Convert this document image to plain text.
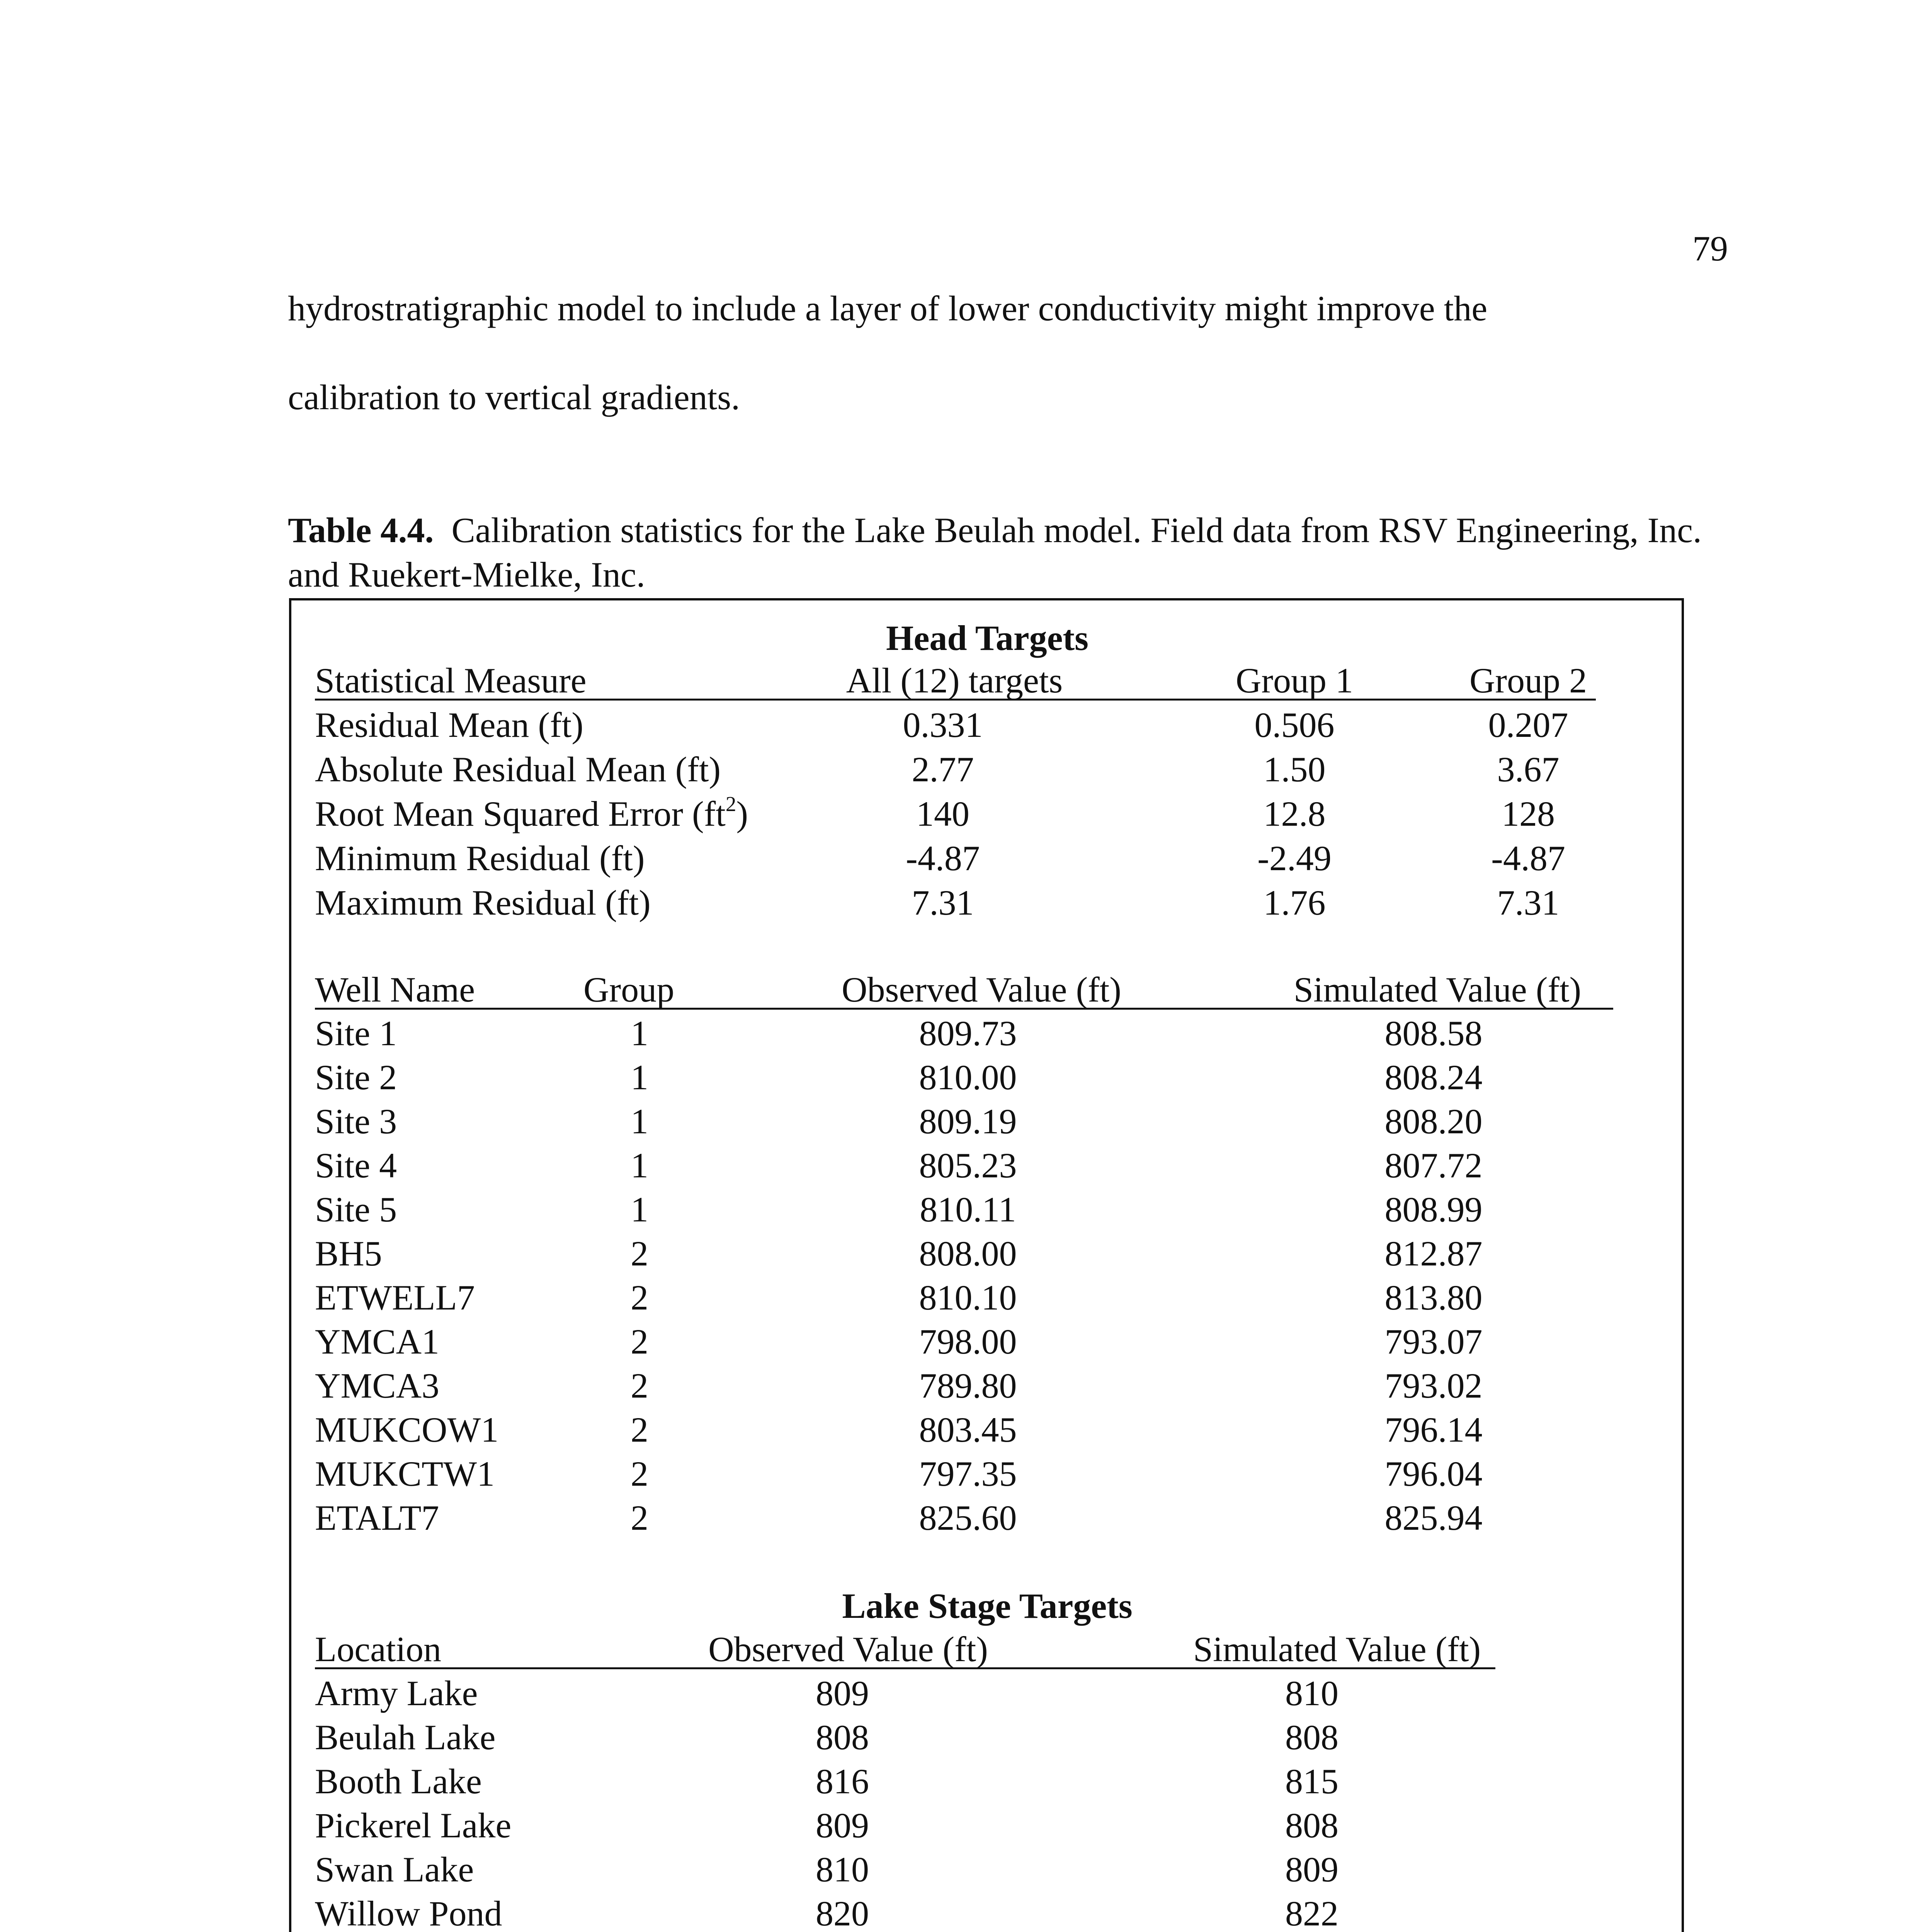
79
hydrostratigraphic model to include a layer of lower conductivity might improve the
calibration to vertical gradients.
Table 4.4. Calibration statistics for the Lake Beulah model. Field data from RSV Engineering, Inc. and Ruekert-Mielke, Inc.
Head Targets
Statistical Measure	All (12) targets	Group 1	Group 2
Residual Mean (ft)	0.331	0.506	0.207
Absolute Residual Mean (ft)	2.77	1.50	3.67
Root Mean Squared Error $(ft^2)$	140	12.8	128
Minimum Residual (ft)	-4.87	-2.49	-4.87
Maximum Residual (ft)	7.31	1.76	7.31
Well Name	Group	Observed Value (ft)	Simulated Value (ft)
Site 1	1	809.73	808.58
Site 2	1	810.00	808.24
Site 3	1	809.19	808.20
Site 4	1	805.23	807.72
Site 5	1	810.11	808.99
BH5	2	808.00	812.87
ETWELL7	2	810.10	813.80
YMCA1	2	798.00	793.07
YMCA3	2	789.80	793.02
MUKCOW1	2	803.45	796.14
MUKCTW1	2	797.35	796.04
ETALT7	2	825.60	825.94
Lake Stage Targets
Location	Observed Value (ft)	Simulated Value (ft)
Army Lake	809	810
Beulah Lake	808	808
Booth Lake	816	815
Pickerel Lake	809	808
Swan Lake	810	809
Willow Pond	820	822
